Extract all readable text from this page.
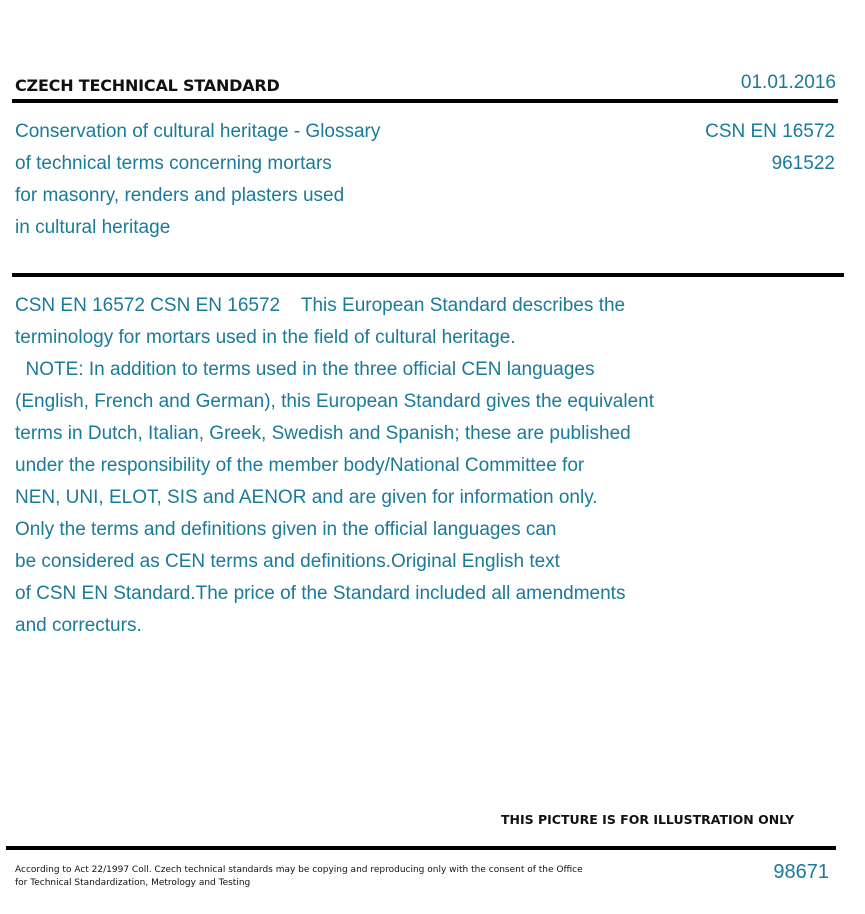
CZECH TECHNICAL STANDARD	01.01.2016
Conservation of cultural heritage - Glossary
of technical terms concerning mortars
for masonry, renders and plasters used
in cultural heritage
CSN EN 16572
961522
CSN EN 16572 CSN EN 16572    This European Standard describes the
terminology for mortars used in the field of cultural heritage.
NOTE: In addition to terms used in the three official CEN languages
(English, French and German), this European Standard gives the equivalent
terms in Dutch, Italian, Greek, Swedish and Spanish; these are published
under the responsibility of the member body/National Committee for
NEN, UNI, ELOT, SIS and AENOR and are given for information only.
Only the terms and definitions given in the official languages can
be considered as CEN terms and definitions.Original English text
of CSN EN Standard.The price of the Standard included all amendments
and correcturs.
THIS PICTURE IS FOR ILLUSTRATION ONLY
According to Act 22/1997 Coll. Czech technical standards may be copying and reproducing only with the consent of the Office
for Technical Standardization, Metrology and Testing	98671
